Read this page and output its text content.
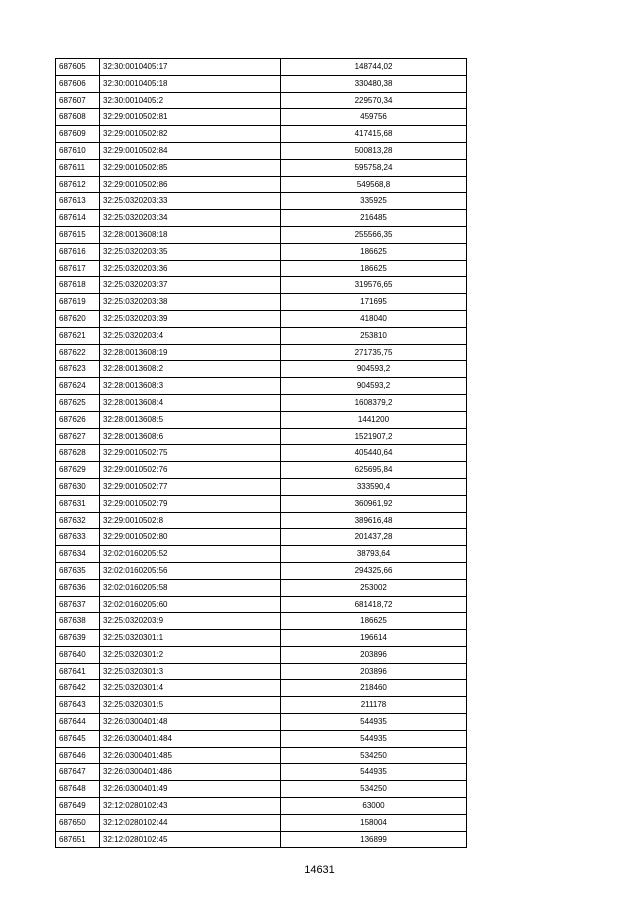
687605	32:30:0010405:17	148744,02
687606	32:30:0010405:18	330480,38
687607	32:30:0010405:2	229570,34
687608	32:29:0010502:81	459756
687609	32:29:0010502:82	417415,68
687610	32:29:0010502:84	500813,28
687611	32:29:0010502:85	595758,24
687612	32:29:0010502:86	549568,8
687613	32:25:0320203:33	335925
687614	32:25:0320203:34	216485
687615	32:28:0013608:18	255566,35
687616	32:25:0320203:35	186625
687617	32:25:0320203:36	186625
687618	32:25:0320203:37	319576,65
687619	32:25:0320203:38	171695
687620	32:25:0320203:39	418040
687621	32:25:0320203:4	253810
687622	32:28:0013608:19	271735,75
687623	32:28:0013608:2	904593,2
687624	32:28:0013608:3	904593,2
687625	32:28:0013608:4	1608379,2
687626	32:28:0013608:5	1441200
687627	32:28:0013608:6	1521907,2
687628	32:29:0010502:75	405440,64
687629	32:29:0010502:76	625695,84
687630	32:29:0010502:77	333590,4
687631	32:29:0010502:79	360961,92
687632	32:29:0010502:8	389616,48
687633	32:29:0010502:80	201437,28
687634	32:02:0160205:52	38793,64
687635	32:02:0160205:56	294325,66
687636	32:02:0160205:58	253002
687637	32:02:0160205:60	681418,72
687638	32:25:0320203:9	186625
687639	32:25:0320301:1	196614
687640	32:25:0320301:2	203896
687641	32:25:0320301:3	203896
687642	32:25:0320301:4	218460
687643	32:25:0320301:5	211178
687644	32:26:0300401:48	544935
687645	32:26:0300401:484	544935
687646	32:26:0300401:485	534250
687647	32:26:0300401:486	544935
687648	32:26:0300401:49	534250
687649	32:12:0280102:43	63000
687650	32:12:0280102:44	158004
687651	32:12:0280102:45	136899
14631
